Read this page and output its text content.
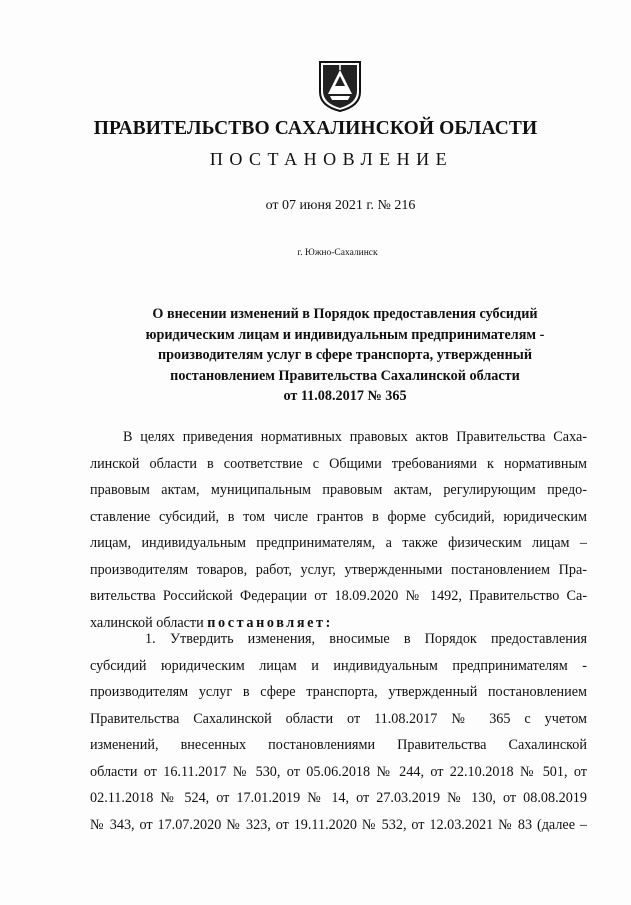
ПРАВИТЕЛЬСТВО САХАЛИНСКОЙ ОБЛАСТИ
ПОСТАНОВЛЕНИЕ
от 07 июня 2021 г. № 216
г. Южно-Сахалинск
О внесении изменений в Порядок предоставления субсидий
юридическим лицам и индивидуальным предпринимателям -
производителям услуг в сфере транспорта, утвержденный
постановлением Правительства Сахалинской области
от 11.08.2017 № 365
В целях приведения нормативных правовых актов Правительства Саха-
линской области в соответствие с Общими требованиями к нормативным
правовым актам, муниципальным правовым актам, регулирующим предо-
ставление субсидий, в том числе грантов в форме субсидий, юридическим
лицам, индивидуальным предпринимателям, а также физическим лицам –
производителям товаров, работ, услуг, утвержденными постановлением Пра-
вительства Российской Федерации от 18.09.2020 № 1492, Правительство Са-
халинской области постановляет:
1.	Утвердить изменения, вносимые в Порядок предоставления
субсидий юридическим лицам и индивидуальным предпринимателям -
производителям услуг в сфере транспорта, утвержденный постановлением
Правительства Сахалинской области от 11.08.2017 № 365 с учетом
изменений, внесенных постановлениями Правительства Сахалинской
области от 16.11.2017 № 530, от 05.06.2018 № 244, от 22.10.2018 № 501, от
02.11.2018 № 524, от 17.01.2019 № 14, от 27.03.2019 № 130, от 08.08.2019
№ 343, от 17.07.2020 № 323, от 19.11.2020 № 532, от 12.03.2021 № 83 (далее –
